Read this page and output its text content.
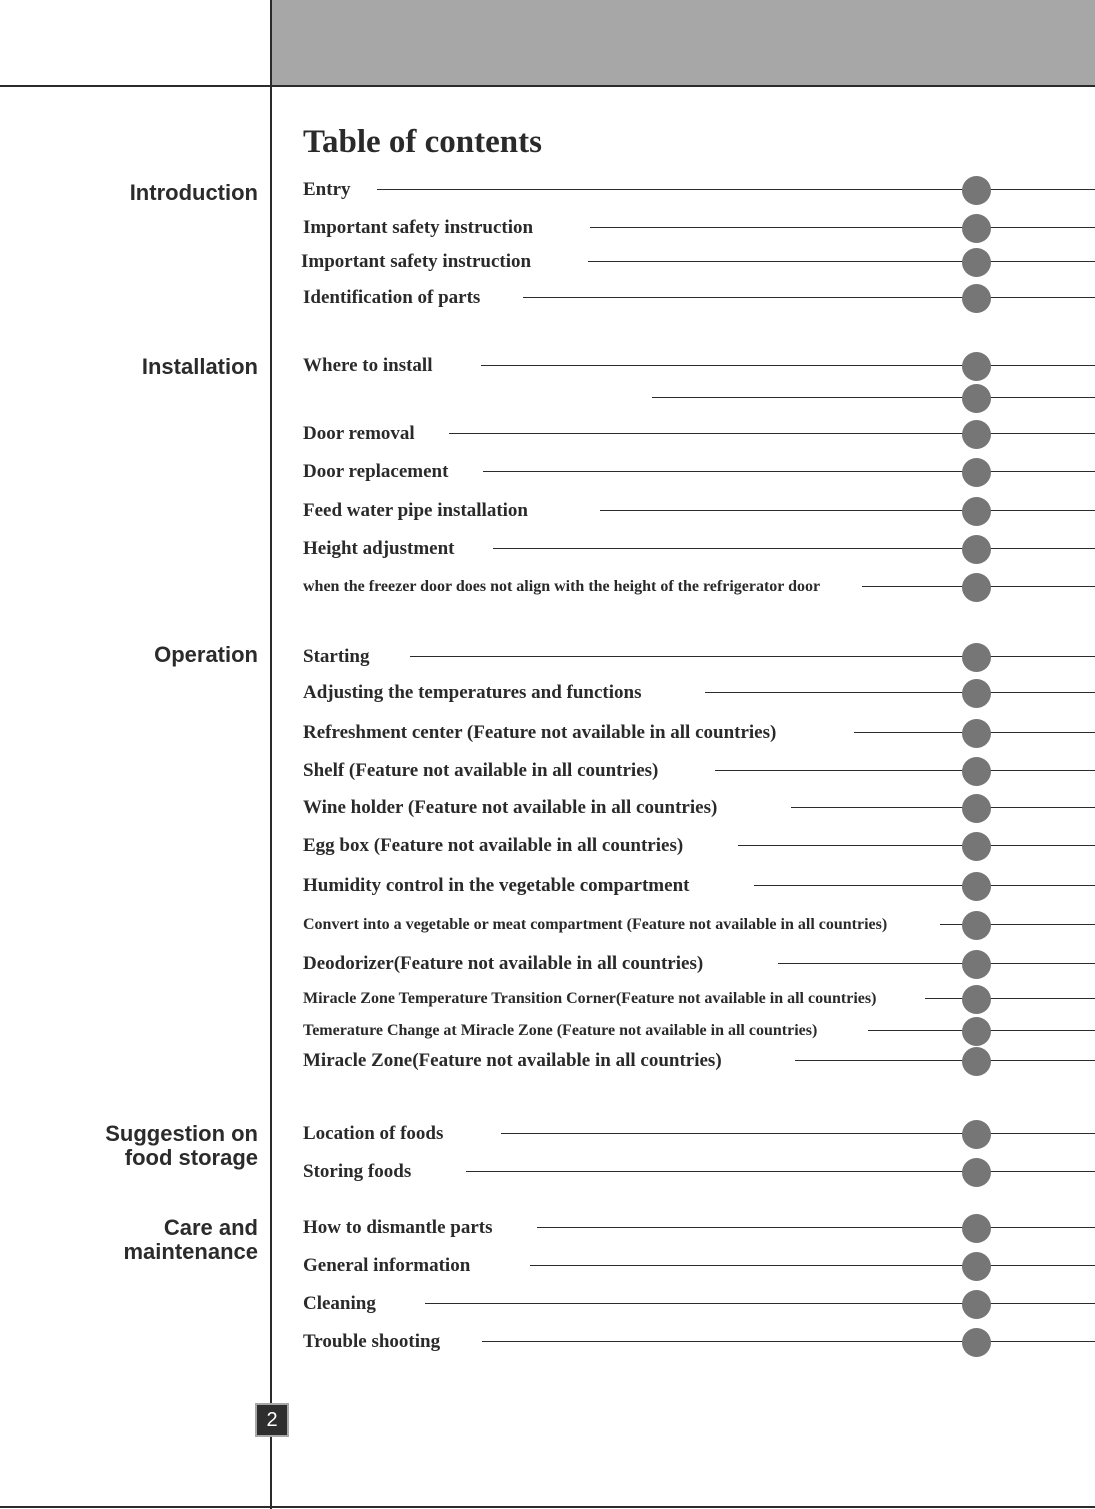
Table of contents
Introduction
Installation
Operation
Suggestion on
food storage
Care and
maintenance
Entry
Important safety instruction
Important safety instruction
Identification of parts
Where to install
Door removal
Door replacement
Feed water pipe installation
Height adjustment
when the freezer door does not align with the height of the refrigerator door
Starting
Adjusting the temperatures and functions
Refreshment center (Feature not available in all countries)
Shelf (Feature not available in all countries)
Wine holder (Feature not available in all countries)
Egg box (Feature not available in all countries)
Humidity control in the vegetable compartment
Convert into a vegetable or meat compartment (Feature not available in all countries)
Deodorizer(Feature not available in all countries)
Miracle Zone Temperature Transition Corner(Feature not available in all countries)
Temerature Change at Miracle Zone (Feature not available in all countries)
Miracle Zone(Feature not available in all countries)
Location of foods
Storing foods
How to dismantle parts
General information
Cleaning
Trouble shooting
2
